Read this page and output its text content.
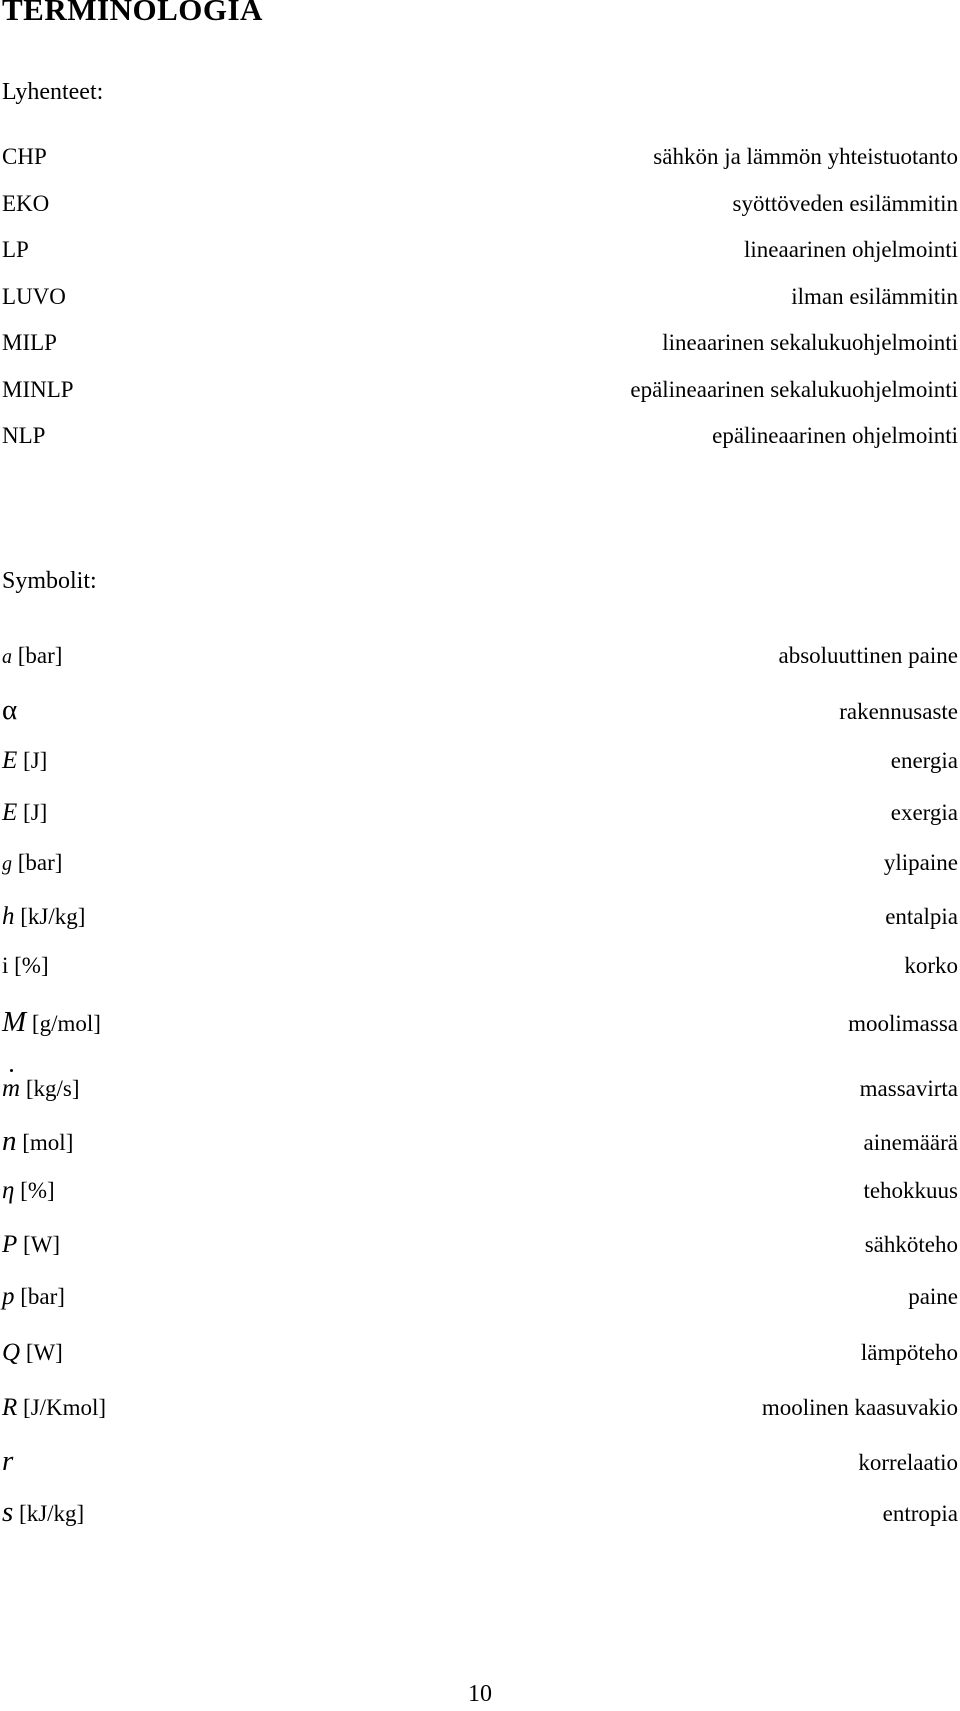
TERMINOLOGIA
Lyhenteet:
CHP	sähkön ja lämmön yhteistuotanto
EKO	syöttöveden esilämmitin
LP	lineaarinen ohjelmointi
LUVO	ilman esilämmitin
MILP	lineaarinen sekalukuohjelmointi
MINLP	epälineaarinen sekalukuohjelmointi
NLP	epälineaarinen ohjelmointi
Symbolit:
a [bar]	absoluuttinen paine
α	rakennusaste
E [J]	energia
E [J]	exergia
g [bar]	ylipaine
h [kJ/kg]	entalpia
i [%]	korko
M [g/mol]	moolimassa
m [kg/s]	massavirta
n [mol]	ainemäärä
η [%]	tehokkuus
P [W]	sähköteho
p [bar]	paine
Q [W]	lämpöteho
R [J/Kmol]	moolinen kaasuvakio
r	korrelaatio
s [kJ/kg]	entropia
10
